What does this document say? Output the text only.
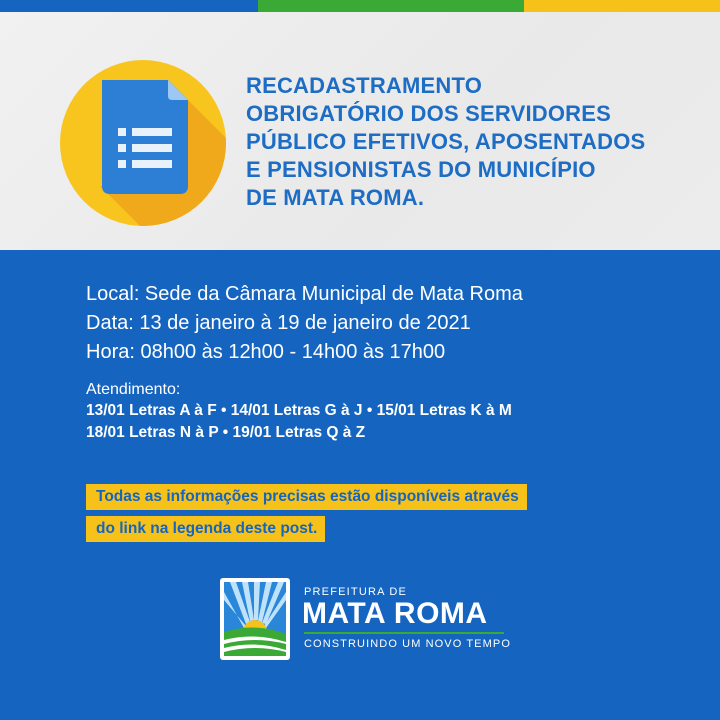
RECADASTRAMENTO
OBRIGATÓRIO DOS SERVIDORES
PÚBLICO EFETIVOS, APOSENTADOS
E PENSIONISTAS DO MUNICÍPIO
DE MATA ROMA.
Local: Sede da Câmara Municipal de Mata Roma
Data: 13 de janeiro à 19 de janeiro de 2021
Hora: 08h00 às 12h00 - 14h00 às 17h00
Atendimento:
13/01 Letras A à F • 14/01 Letras G à J • 15/01 Letras K à M
18/01 Letras N à P • 19/01 Letras Q à Z
Todas as informações precisas estão disponíveis através
do link na legenda deste post.
PREFEITURA DE
MATA ROMA
CONSTRUINDO UM NOVO TEMPO
